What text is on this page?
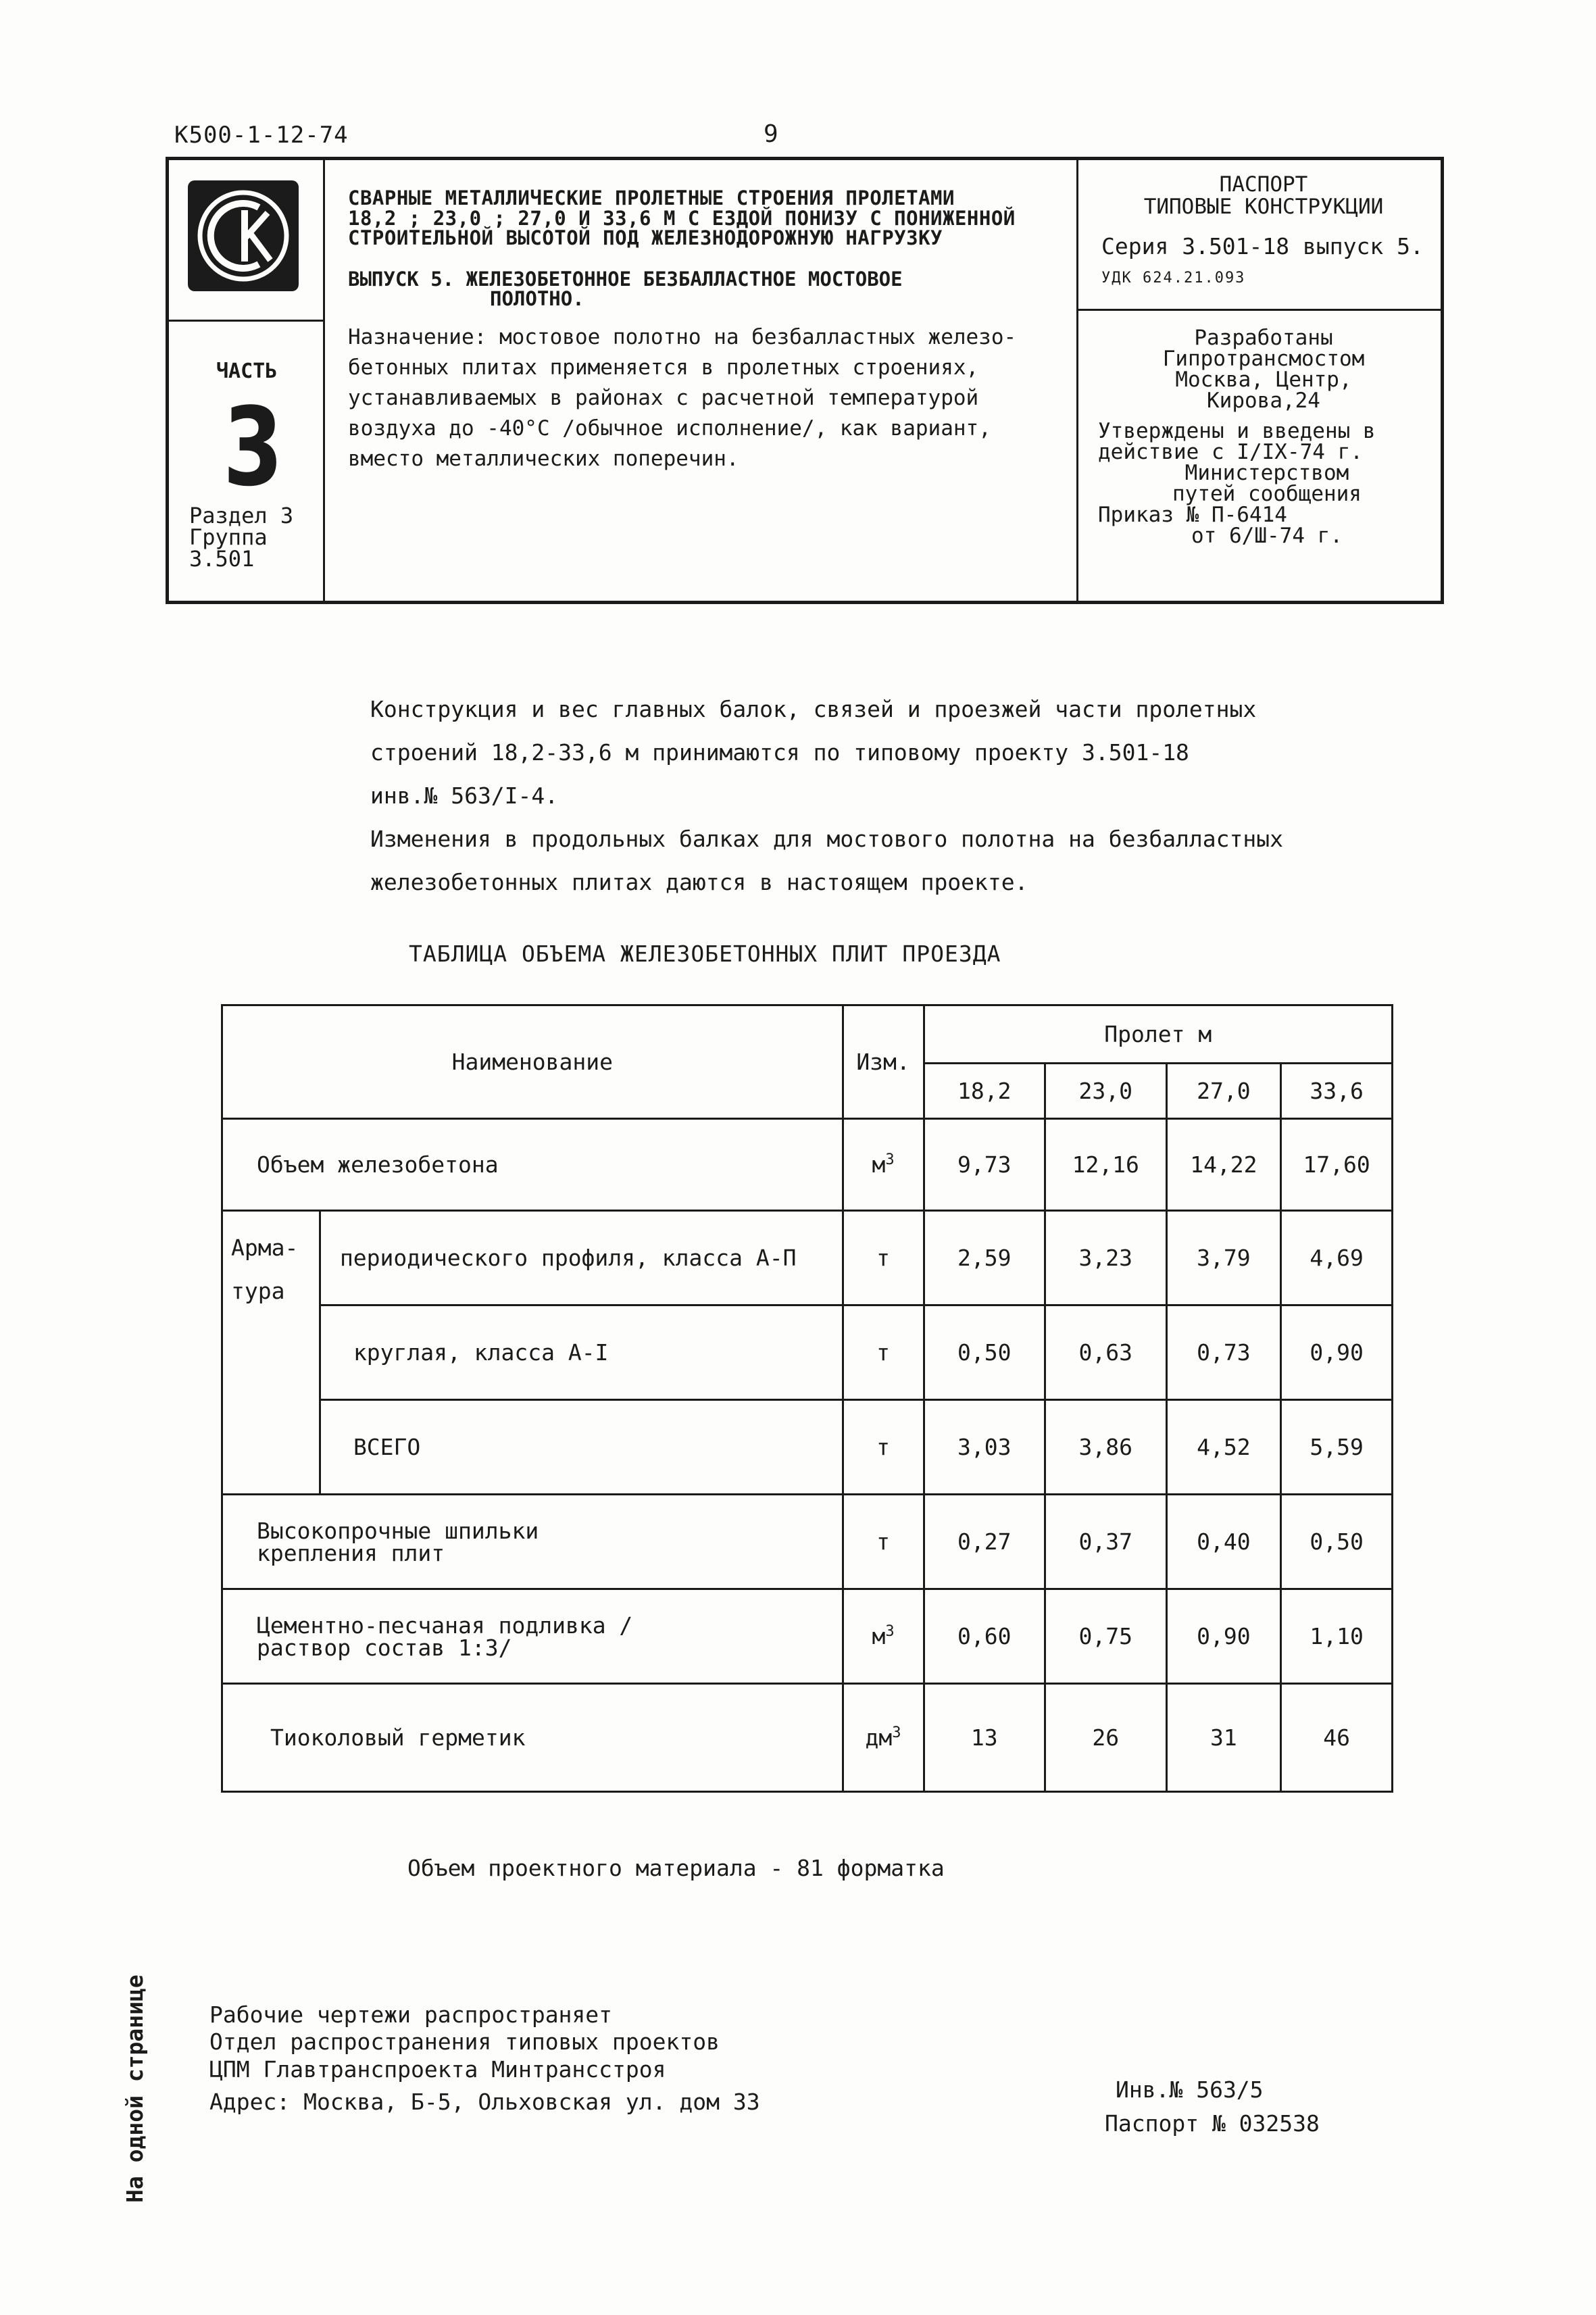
К500-1-12-74	9
ЧАСТЬ
3
Раздел 3
Группа
3.501
СВАРНЫЕ МЕТАЛЛИЧЕСКИЕ ПРОЛЕТНЫЕ СТРОЕНИЯ ПРОЛЕТАМИ
18,2 ; 23,0 ; 27,0 И 33,6 М С ЕЗДОЙ ПОНИЗУ С ПОНИЖЕННОЙ
СТРОИТЕЛЬНОЙ ВЫСОТОЙ ПОД ЖЕЛЕЗНОДОРОЖНУЮ НАГРУЗКУ
ВЫПУСК 5. ЖЕЛЕЗОБЕТОННОЕ БЕЗБАЛЛАСТНОЕ МОСТОВОЕ
ПОЛОТНО.
Назначение: мостовое полотно на безбалластных железо-
бетонных плитах применяется в пролетных строениях,
устанавливаемых в районах с расчетной температурой
воздуха до -40°С /обычное исполнение/, как вариант,
вместо металлических поперечин.
ПАСПОРТ
ТИПОВЫЕ КОНСТРУКЦИИ
Серия 3.501-18 выпуск 5.
УДК 624.21.093
Разработаны
Гипротрансмостом
Москва, Центр,
Кирова,24
Утверждены и введены в
действие с I/IX-74 г.
Министерством
путей сообщения
Приказ № П-6414
от 6/Ш-74 г.
Конструкция и вес главных балок, связей и проезжей части пролетных
строений 18,2-33,6 м принимаются по типовому проекту 3.501-18
инв.№ 563/I-4.
Изменения в продольных балках для мостового полотна на безбалластных
железобетонных плитах даются в настоящем проекте.
ТАБЛИЦА ОБЪЕМА ЖЕЛЕЗОБЕТОННЫХ ПЛИТ ПРОЕЗДА
Наименование		Изм.	Пролет м			
			18,2	23,0	27,0	33,6
Объем железобетона		$м^3$	9,73	12,16	14,22	17,60

Арма-
тура	периодического профиля, класса А-П	т	2,59	3,23	3,79	4,69
	круглая, класса А-I	т	0,50	0,63	0,73	0,90
	ВСЕГО	т	3,03	3,86	4,52	5,59
Высокопрочные шпильки крепления плит		т	0,27	0,37	0,40	0,50
Цементно-песчаная подливка /раствор состав 1:3/		$м^3$	0,60	0,75	0,90	1,10
Тиоколовый герметик		$дм^3$	13	26	31	46
Объем проектного материала - 81 форматка
На одной странице	Рабочие чертежи распространяет
Отдел распространения типовых проектов
ЦПМ Главтранспроекта Минтрансстроя
Адрес: Москва, Б-5, Ольховская ул. дом 33	Инв.№ 563/5
Паспорт № 032538
